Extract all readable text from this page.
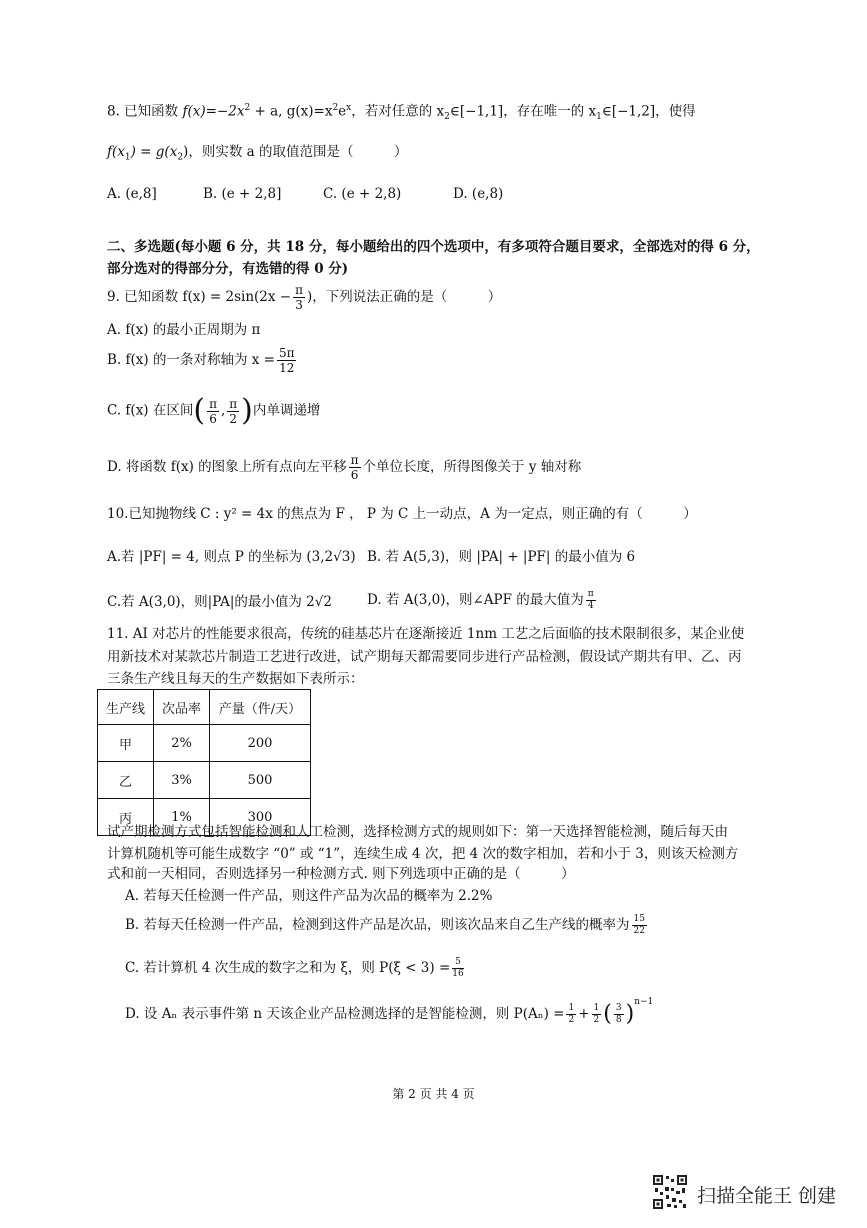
8. 已知函数 $f(x)=-2x^2 + a$, $g(x)=x^2e^x$，若对任意的 $x_2\in[-1,1]$，存在唯一的 $x_1\in[-1,2]$，使得
$f(x_1) = g(x_2)$，则实数 a 的取值范围是（　　　）
A. (e,8]	B. (e + 2,8]	C. (e + 2,8)	D. (e,8)
二、多选题(每小题 6 分，共 18 分，每小题给出的四个选项中，有多项符合题目要求，全部选对的得 6 分，
部分选对的得部分分，有选错的得 0 分)
9. 已知函数 $f(x) = 2\sin(2x - \frac{\pi}{3}$ )，下列说法正确的是（　　　）
A. f(x) 的最小正周期为 π
B. f(x) 的一条对称轴为 $x = \frac{5\pi}{12}$
C. f(x) 在区间( $\frac{\pi}{6}$ , $\frac{\pi}{2}$ )内单调递增
D. 将函数 f(x) 的图象上所有点向左平移 $\frac{\pi}{6}$ 个单位长度，所得图像关于 y 轴对称
10.已知抛物线 C : y² = 4x 的焦点为 F ， P 为 C 上一动点，A 为一定点，则正确的有（　　　）
A.若 |PF| = 4, 则点 P 的坐标为 (3,2√3) B. 若 A(5,3)，则 |PA| + |PF| 的最小值为 6
C.若 A(3,0)，则|PA|的最小值为 2√2	D. 若 A(3,0)，则∠APF 的最大值为 $\frac{\pi}{4}$
11. AI 对芯片的性能要求很高，传统的硅基芯片在逐渐接近 1nm 工艺之后面临的技术限制很多，某企业使
用新技术对某款芯片制造工艺进行改进，试产期每天都需要同步进行产品检测，假设试产期共有甲、乙、丙
三条生产线且每天的生产数据如下表所示：
生产线	次品率	产量（件/天）
甲	2%	200
乙	3%	500
丙	1%	300
试产期检测方式包括智能检测和人工检测，选择检测方式的规则如下：第一天选择智能检测，随后每天由
计算机随机等可能生成数字 “0” 或 “1”，连续生成 4 次，把 4 次的数字相加，若和小于 3，则该天检测方
式和前一天相同，否则选择另一种检测方式. 则下列选项中正确的是（　　　）
A. 若每天任检测一件产品，则这件产品为次品的概率为 2.2%
B. 若每天任检测一件产品，检测到这件产品是次品，则该次品来自乙生产线的概率为 $\frac{15}{22}$
C. 若计算机 4 次生成的数字之和为 ξ，则 $P(\xi < 3) = \frac{5}{16}$
D. 设 Aₙ 表示事件第 n 天该企业产品检测选择的是智能检测，则 $P(A_n) = \frac{1}{2} + \frac{1}{2}$ ( $\frac{3}{8} )^{n-1}$
第 2 页 共 4 页
扫描全能王 创建
